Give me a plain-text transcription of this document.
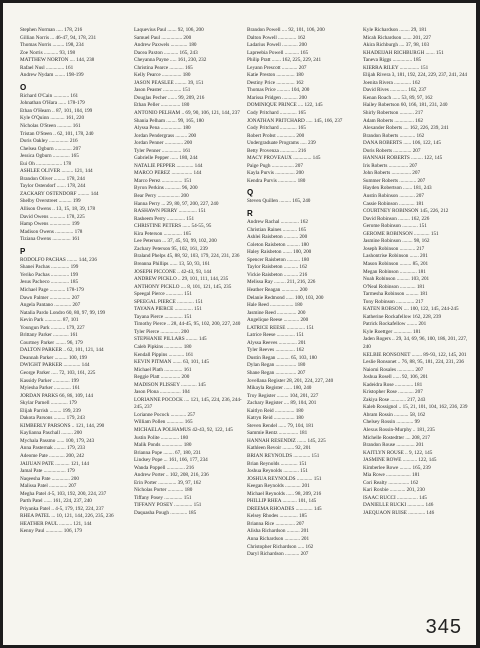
Stephen Norman ..... 178, 216
Gillian Norris ... 46-47, 94, 178, 231
Thomas Norris ......... 198, 234
Zoe Norris ........... 93, 198
MATTHEW NORTON .... 144, 238
Rafael Nusl .............. 161
Andrew Nydam ........ 198-199
O
Richard O'Cain ............ 161
Johnathan O'Hara ...... 178-179
Ethan O'Hearn .. 87, 101, 104, 199
Kyle O'Quinn ........... 161, 220
Nicholas O'Steen ........... 161
Tristan O'Steen .. 62, 101, 178, 240
Doris Oakley ............... 216
Chelsea Ogburn ............. 207
Jessica Ogburn ............. 165
Eui Oh .................... 178
ASHLEE OLIVER ......... 121, 144
Brandon Oliver ......... 178, 244
Taylor Ostendorf ....... 178, 244
ZACKARY OSTENDORF ......... 144
Shelby Overstreet .......... 199
Allison Owens .. 13, 15, 18, 39, 178
David Owens ............ 178, 225
Hamp Owens ................ 199
Madison Owens .............. 178
Tiziana Owens .............. 161
P
RODOLFO PACHAS ........ 144, 236
Shanei Pachas .............. 199
Yeriko Pachas .............. 199
Jesus Pacheco .............. 185
Michael Page ............ 178-179
Dawn Palmer ................ 207
Angela Pantano ............. 207
Natalia Pardo Londro 60, 80, 97, 99, 199
Kevin Park ............. 87, 101
Youngun Park ........... 179, 227
Brittany Parker ............ 161
Courtney Parker ........ 96, 179
DALTON PARKER .. 62, 101, 121, 144
Deannah Parker .......... 100, 199
DWIGHT PARKER ............. 144
George Parker ..... 72, 103, 161, 225
Kassidy Parker ............. 199
Myiesha Parker ............. 161
JORDAN PARKS 66, 86, 109, 144
Skylar Parnell ............. 179
Elijah Parrish ......... 199, 239
Dakota Parsons ......... 179, 243
KIMBERLY PARSONS .. 121, 144, 290
Kaylianna Paschall ......... 200
Mychala Passmo ...... 100, 179, 243
Anna Pasternak ......... 179, 233
Adeome Pate ............ 200, 242
JAIJUAN PATE ........... 121, 144
Jamal Pate ................. 179
Naqeesha Pate .............. 200
Malissa Patel .............. 207
Megha Patel 4-5, 103, 192, 200, 224, 237
Parth Patel ...... 161, 224, 237, 240
Priyanka Patel .. 4-5, 179, 192, 224, 237
RHEA PATEL ... 10, 121, 144, 226, 235, 236
HEATHER PAUL .......... 121, 144
Kenny Paul ............. 106, 179
Laquevius Paul ....... 92, 106, 200
Samuel Paul ................ 200
Andrew Paxwels ............. 180
Dacea Paxton ........... 165, 243
Cheyanna Payne ..... 161, 230, 232
Christina Pearce ........... 165
Kelly Pearce ............... 180
JASON PEASLEE ......... 39, 151
Jason Peaster .............. 151
Douglas Pecher ....... 99, 209, 216
Ethan Peller ............... 180
ANTONIO PELHAM .. 69, 90, 106, 121, 144, 237
Shania Pelham ........ 99, 165, 180
Alyssa Pena ................ 180
Jordan Pendergrass ......... 200
Jordan Penner .............. 200
Tyler Penner ............... 161
Gabrielle Pepper ...... 180, 244
NATALIE PEPPER ............. 144
MARCO PEREZ ................ 144
Marco Perez ................ 151
Byron Perkins ............ 96, 200
Bear Perry ................. 200
Hanna Perry ... 29, 80, 97, 200, 227, 240
RASHAWN PERRY .............. 151
Rasheem Perry .............. 151
CHRISTINE PETERS ...... 54-55, 95
Kira Peterson .............. 165
Lee Peterson ... 37, 45, 93, 99, 102, 200
Zachary Peterson 95, 102, 161, 239
Braland Phelps 45, 88, 92, 103, 179, 224, 231, 236
Breanna Phillips ...... 13, 50, 93, 161
JOSEPH PICCONE .. 42-43, 93, 144
ANDREW PICKLO .. 29, 101, 111, 144, 235
ANTHONY PICKLO .... 8, 101, 121, 145, 235
Speegal Pierce ............. 151
SPEEGAL PIERCE ............. 151
TAYANA PIERCE .............. 151
Tayana Pierce .............. 151
Timothy Pierce .. 28, 44-45, 95, 102, 200, 227, 240
Tyler Pierce ............... 200
STEPHANIE PILLARS ......... 145
Caleb Pipkins .............. 180
Kendall Pippins ............ 161
KEVIN PITMAN ....... 63, 101, 145
Michael Plath .............. 161
Reggie Platt ............... 200
MADISON PLISSEY ............ 145
Jason Plona ................ 104
LORIANNE POCOCK .... 121, 145, 224, 236, 244-245, 237
Lorianne Pocock ............ 257
William Pollen ............. 165
MICHAELA POLHAMUS 42-43, 92, 122, 145
Justin Polite .............. 180
Malik Ponds ................ 180
Brianna Pope ........ 67, 180, 231
Lindsey Pope ... 161, 166, 177, 234
Wanda Poppell .............. 216
Andrew Porter .. 102, 208, 216, 236
Erin Porter .............. 39, 97, 162
Nicholas Porter ............ 180
Tiffany Posey .............. 151
TIFFANY POSEY .............. 151
Daquasha Pough ............. 185
Brandon Powell .... 92, 101, 106, 200
Dalton Powell .............. 162
Ladarius Powell ............ 200
Lapreebia Powell ........... 165
Philip Pratt ....... 162, 225, 229, 241
Leyann Prescott ............ 207
Katie Preston .............. 180
Destiny Price .............. 162
Thomas Price .......... 104, 200
Marissa Pridgen ............ 200
DOMINIQUE PRINCE .... 122, 145
Cody Pritchard ............. 165
JONATHAN PRITCHARD ..... 145, 166, 237
Cody Pritchard ............. 165
Robert Probst .............. 200
Undergraduate Programs ..... 239
Betty Provenza ............. 216
MACY PROVEAUX .............. 145
Paige Pugh ................. 207
Kayla Purvis ............... 200
Kendra Purvis .............. 180
Q
Steven Quillen ......... 165, 240
R
Andrew Rachal .............. 162
Christian Raines ........... 165
Ashlei Raisbeton ........... 200
Coleton Raisbeton .......... 180
Haley Raisbeton ....... 100, 200
Spencer Raisbeton .......... 180
Taylor Raisbeton ........... 162
Vickie Raisbeton ........... 216
Melissa Ray ......... 211, 216, 226
Heather Reagan ............. 200
Delanie Redmond ...... 100, 103, 200
Hale Reed .................. 180
Jasmine Reed ............... 200
Angelique Reese ............ 200
LATRICE REESE .............. 151
Latrice Reese .............. 151
Alyssa Reeves .............. 201
Tyler Reeves ............... 162
Dustin Regan .......... 65, 103, 180
Dylan Regan ................ 180
Shane Regan ................ 207
Jovellana Register 28, 201, 224, 227, 240
Mikayla Register ...... 180, 240
Troy Register ......... 104, 201, 227
Zachary Register .... 89, 104, 201
Kaitlyn Reid ............... 180
Katryn Reid ................ 180
Steven Rendel ...... 79, 104, 181
Sammie Rentz ............... 181
HANNAH RESENDIZ ....... 145, 225
Kathleen Revoir ......... 92, 201
BRIAN REYNOLDS ............. 151
Brian Reynolds ............. 151
Joshua Reynolds ............ 151
JOSHUA REYNOLDS ............ 151
Keegan Reynolds ............ 201
Michael Reynolds ...... 98, 209, 216
PHILLIP RHEA ........... 101, 145
DREEMA RHOADES ............. 145
Kelsey Rhodes .............. 185
Brianna Rice ............... 207
Alisha Richardson .......... 201
Anna Richardson ............ 201
Christopher Richardson ..... 162
Daryl Richardson ........... 207
Kyle Richardson ........ 29, 181
Micah Richardson ....... 201, 227
Akira Richburgh .... 37, 98, 103
KHADEIJAH RICHBURGH ....... 151
Taneva Riggs ............... 185
KIERRA RILEY ............... 151
Elijah Rivera 3, 181, 192, 224, 229, 237, 241, 244
Joenita Rivera ............. 162
David Rives ............. 162, 237
Kenan Roach ...... 53, 89, 97, 162
Hailey Robertson 60, 166, 181, 231, 240
Shirly Robertson ........... 217
Adam Roberts ............... 162
Alexander Roberts .... 162, 226, 239, 241
Brandon Roberts ............ 162
DANA ROBERTS ...... 106, 122, 145
Doris Roberts .............. 207
HANNAH ROBERTS ......... 122, 145
Iris Roberts ............... 207
John Roberts ............... 207
Summer Roberts ............. 207
Hayden Robertson ....... 181, 243
Austin Robinson ............ 207
Cassie Robinson ............ 181
COURTNEY ROBINSON 145, 226, 212
David Robinson ......... 162, 226
Gerome Robinson ............ 151
GEROME ROBINSON ............ 151
Jasmine Robinson ........ 98, 162
Joseph Robinson ............ 217
Lashontrise Robinson ....... 201
Mason Robinson ......... 85, 201
Megan Robinson ............. 181
Noah Robinson .......... 103, 201
O'Neal Robinson ............ 181
Tarmesha Robinson .......... 181
Tony Robinson .............. 217
KATEN ROBSON .... 100, 122, 145, 244-245
Katherine Rockafellow 162, 228, 239
Patrick Rockafellow ........ 201
Kyle Roettger .............. 181
Jaden Rogers .. 29, 34, 69, 96, 100, 186, 201, 227, 240
KELBIE RONSONET ........ 89-93, 122, 145, 201
Leslie Ronsonet .. 76, 88, 95, 181, 224, 231, 236
Naiomi Rosales ............. 207
Joshua Rosell ...... 92, 106, 201
Kadeidra Rose .............. 181
Kristopher Rose ............ 207
Zakiya Rose ............ 217, 243
Kaleb Rossignol .. 15, 21, 101, 104, 162, 236, 239
Abram Rossin ........... 58, 162
Chelsey Rossin ............. 99
Alexus Rossin-Murphy .. 181, 235
Michelle Rostedtter .... 208, 217
Brandon Rouse .............. 201
KAITLYN ROUSE .. 9, 122, 145
JASMINE ROWE ........... 122, 145
Kimberlee Rowe ......... 165, 239
Mia Rowe ................... 181
Cori Realty ................ 162
Kari Roxbie ............ 201, 230
ISAAC RUCCI ................ 145
DANIELLE RUCKI ............. 146
JAEQUAON RUISE ............. 146
345
